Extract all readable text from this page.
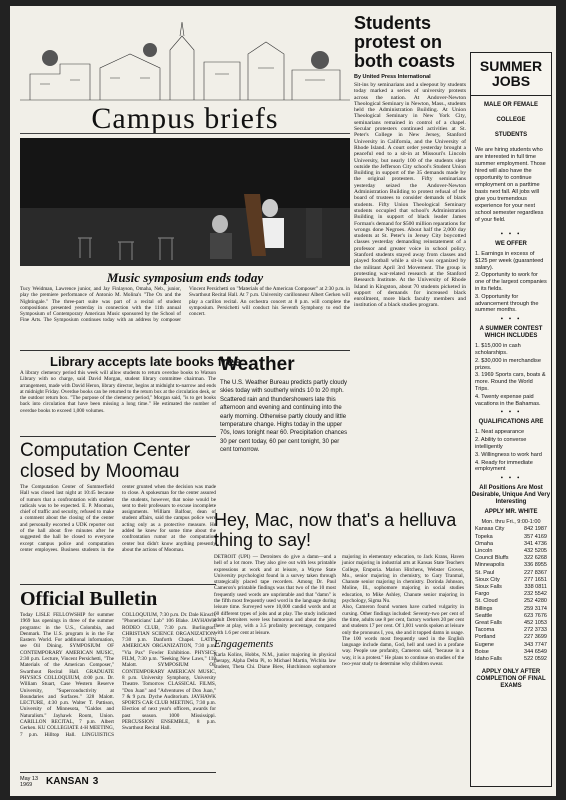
Campus briefs
Music symposium ends today
Tucy Weidman, Lawrence junior, and Jay Finlayson, Omaha, Neb., junior, play the premiere performance of Antonio M. Molina's "The Ox and the Nightingale." The three-part suite was part of a recital of student compositions presented yesterday in connection with the 11th annual Symposium of Contemporary American Music sponsored by the School of Fine Arts. The Symposium continues today with an address by composer Vincent Persichetti on "Materials of the American Composer" at 2:30 p.m. in Swarthout Recital Hall. At 7 p.m. University carillonneur Albert Gerken will play a carillon recital. An orchestra concert at 8 p.m. will complete the symposium. Persichetti will conduct his Seventh Symphony to end the concert.
Library accepts late books free
A library clemency period this week will allow students to return overdue books to Watson Library with no charge, said David Morgan, student library committee chairman. The arrangement, made with David Heron, library director, begins at midnight to-narrow and ends at midnight Friday. Overdue books can be returned to the return box at the circulation desk, or the outdoor return box. "The purpose of the clemency period," Morgan said, "is to get books back into circulation that have been missing a long time." He estimated the number of overdue books to exceed 1,000 volumes.
Weather
The U.S. Weather Bureau predicts partly cloudy skies today with southerly winds 10 to 20 mph. Scattered rain and thundershowers late this afternoon and evening and continuing into the early morning. Otherwise partly cloudy and little temperature change. Highs today in the upper 70s, lows tonight near 60. Precipitation chances 30 per cent today, 60 per cent tonight, 30 per cent tomorrow.
Computation Center closed by Moomau
The Computation Center of Summerfield Hall was closed last night at 10:45 because of rumors that a confrontation with student radicals was to be expected. E. P. Moomau, chief of traffic and security, refused to make a comment about the closing of the center and personally escorted a UDK reporter out of the hall about five minutes after he suggested the hall be closed to everyone except campus police and computation center employees. Business students in the center grunted when the decision was made to close. A spokesman for the center assured the students, however, that noise would be sent to their professors to excuse incomplete assignments. William Balfour, dean of student affairs, said the campus police were acting only as a protective measure. He added he knew for some time about the confrontation rumor at the computation center but didn't know anything presently about the actions of Moomau.
Official Bulletin
Today LISLE FELLOWSHIP for summer 1969 has openings in three of the summer programs: in the U.S., Colombia, and Denmark. The U.S. program is in the Far Eastern World. For additional information, see Oil Dining. SYMPOSIUM OF CONTEMPORARY AMERICAN MUSIC, 2:30 p.m. Lecture, Vincent Persichetti, "The Materials of the American Composer," Swarthout Recital Hall. GRADUATE PHYSICS COLLOQUIUM, 4:00 p.m. Dr. William Stuart, Case Western Reserve University, "Superconductivity at Boundaries and Surfaces." 328 Malott. LECTURE, 4:30 p.m. Walter T. Pattison, University of Minnesota, "Galdos and Naturalism." Jayhawk Room, Union. CARILLON RECITAL, 7 p.m. Albert Gerken. KU COLLEGIATE 4-H MEETING, 7 p.m. Hilltop Hall. LINGUISTICS COLLOQUIUM, 7:30 p.m. Dr. Dale Kinsch, "Phoneticians' Lab" 106 Blake. JAYHAWK RODEO CLUB, 7:30 p.m. Burlington. CHRISTIAN SCIENCE ORGANIZATION, 7:30 p.m. Danforth Chapel. LATIN AMERICAN ORGANIZATION, 7:30 p.m. "Via Pax" Fowler Exhibition. PHYSICS FILM, 7:30 p.m. "Seeking New Laws," 118 Malott. SYMPOSIUM OF CONTEMPORARY AMERICAN MUSIC, 8 p.m. University Symphony, University Theatre. Tomorrow CLASSICAL FILMS, "Don Juan" and "Adventures of Don Juan," 7 & 9 p.m. Dyche Auditorium. JAYHAWK SPORTS CAR CLUB MEETING, 7:30 p.m. Election of next year's officers, awards for past season. 1000 Mississippi. PERCUSSION ENSEMBLE, 8 p.m. Swarthout Recital Hall.
May 13 1969	KANSAN 3
Hey, Mac, now that's a helluva thing to say!
DETROIT (UPI) — Detroiters do give a damn—and a hell of a lot more. They also give out with less printable expressions at work and at leisure, a Wayne State University psychologist found in a survey taken through strategically placed tape recorders. Among Dr. Paul Cameron's printable findings was that two of the 10 most frequently used words are unprintable and that "damn" is the fifth most frequently used word in the language during leisure time. Surveyed were 10,000 candid words and at 60 different types of jobs and at play. The study indicated adult Detroiters were less humorous and about the jobs there at play, with a 3.5 profanity percentage, compared with 1.6 per cent at leisure.
Engagements
Karla Kolins, Hobbs, N.M., junior majoring in physical therapy, Alpha Delta Pi, to Michael Martin, Wichita law student, Theta Chi. Diane Biew, Hutchinson sophomore majoring in elementary education, to Jack Krans, Haven junior majoring in industrial arts at Kansas State Teachers College, Emporia. Marion Hitchens, Webster Groves, Mo., senior majoring in chemistry, to Gary Tranmal, Chanute senior majoring in chemistry. Dorinda Johnson, Moline, Ill., sophomore majoring in social studies education, to Mike Ashley, Chanute senior majoring in psychology, Sigma Nu.
Also, Cameron found women have curbed vulgarity in cursing. Other findings included: Seventy-two per cent of the time, adults use 8 per cent, factory workers 20 per cent and students 17 per cent. Of 1,001 words spoken at leisure only the pronouns I, you, she and it topped damn in usage. The 100 words most frequently used in the English language include damn, God, hell and used in a profane way. People use profanity, Cameron said, "because in a way, it is a protest." He plans to continue on studies of the two-year study to determine why children swear.
Students protest on both coasts
By United Press International
Sit-ins by seminarians and a sleepout by students today marked a series of university protests across the nation. At Andover-Newton Theological Seminary in Newton, Mass., students held the Administration Building. At Union Theological Seminary in New York City, seminarians remained in control of a chapel. Secular protesters continued activities at St. Peter's College in New Jersey, Stanford University in California, and the University of Rhode Island. A court order yesterday brought a peaceful end to a sit-in at Missouri's Lincoln University, but nearly 100 of the students slept outside the Jefferson City school's Student Union Building in support of the 35 demands made by the original protesters. Fifty seminarians yesterday seized the Andover-Newton Administration Building to protest refusal of the board of trustees to consider demands of black students. Fifty Union Theological Seminary students occupied that school's Administration Building in support of black leader James Forman's demand for $500 million reparations for wrongs done Negroes. About half the 2,000 day students at St. Peter's in Jersey City boycotted classes yesterday demanding reinstatement of a professor and greater voice in school policy. Stanford students stayed away from classes and played football while a sit-in was organized by the militant April 3rd Movement. The group is protesting war-related research at the Stanford Research Institute. At the University of Rhode Island in Kingston, about 70 students picketed in support of demands for increased black enrollment, more black faculty members and institution of a black studies program.
SUMMER JOBS
MALE OR FEMALE
COLLEGE
STUDENTS
We are hiring students who are interested in full time summer employment. Those hired will also have the opportunity to continue employment on a parttime basis next fall. All jobs will give you tremendous experience for your next school semester regardless of your field.
• • •
WE OFFER
1. Earnings in excess of $125 per week (guaranteed salary).
2. Opportunity to work for one of the largest companies in its fields.
3. Opportunity for advancement through the summer months.
• • •
A SUMMER CONTEST WHICH INCLUDES
1. $15,000 in cash scholarships.
2. $30,000 in merchandise prizes.
3. 1969 Sports cars, boats & more. Round the World Trips.
4. Twenty expense paid vacations in the Bahamas.
• • •
QUALIFICATIONS ARE
1. Neat appearance
2. Ability to converse intelligently
3. Willingness to work hard
4. Ready for immediate employment
• • •
All Positions Are Most Desirable, Unique And Very Interesting
APPLY MR. WHITE
Mon. thru Fri., 9:00-1:00
Kansas City	842 1987
Topeka	357 4169
Omaha	341 4736
Lincoln	432 5205
Council Bluffs	322 6268
Minneapolis	336 8955
St. Paul	227 8367
Sioux City	277 1651
Sioux Falls	338 0811
Fargo	232 5542
St. Cloud	252 4280
Billings	259 3174
Seattle	623 7676
Great Falls	452 1053
Tacoma	272 3733
Portland	227 3699
Eugene	343 7747
Boise	344 6549
Idaho Falls	522 0592
APPLY ONLY AFTER COMPLETION OF FINAL EXAMS
